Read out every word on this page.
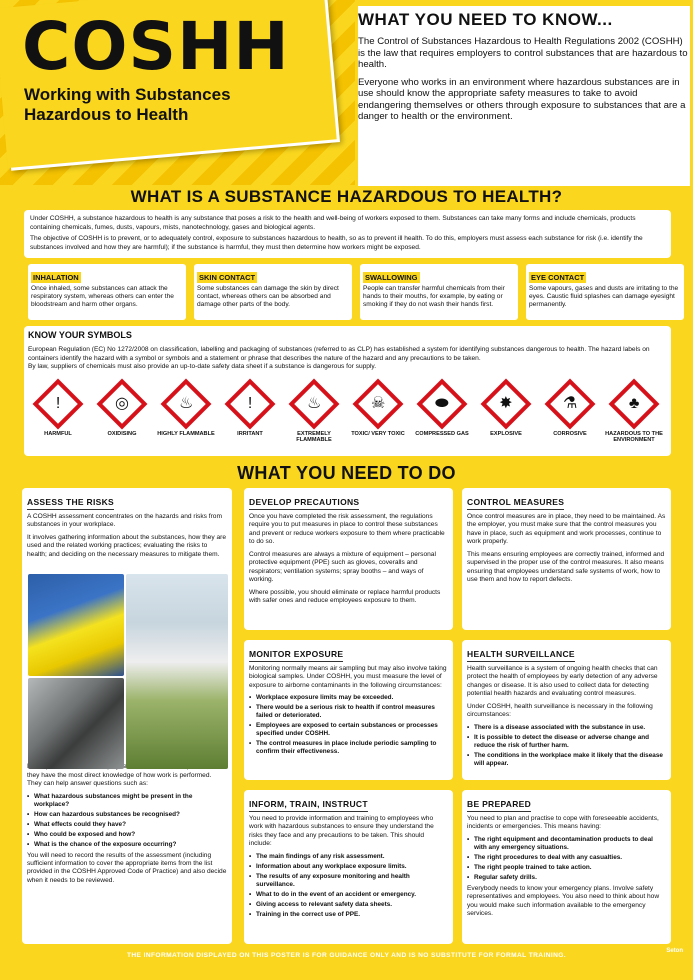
COSHH
Working with Substances
Hazardous to Health
WHAT YOU NEED TO KNOW...

The Control of Substances Hazardous to Health Regulations 2002 (COSHH) is the law that requires employers to control substances that are hazardous to health.

Everyone who works in an environment where hazardous substances are in use should know the appropriate safety measures to take to avoid endangering themselves or others through exposure to substances that are a danger to health or the environment.

WHAT IS A SUBSTANCE HAZARDOUS TO HEALTH?

Under COSHH, a substance hazardous to health is any substance that poses a risk to the health and well-being of workers exposed to them. Substances can take many forms and include chemicals, products containing chemicals, fumes, dusts, vapours, mists, nanotechnology, gases and biological agents.

The objective of COSHH is to prevent, or to adequately control, exposure to substances hazardous to health, so as to prevent ill health. To do this, employers must assess each substance for risk (i.e. identify the substances involved and how they are harmful); if the substance is harmful, they must then determine how workers might be exposed.

INHALATION
Once inhaled, some substances can attack the respiratory system, whereas others can enter the bloodstream and harm other organs.
SKIN CONTACT
Some substances can damage the skin by direct contact, whereas others can be absorbed and damage other parts of the body.
SWALLOWING
People can transfer harmful chemicals from their hands to their mouths, for example, by eating or smoking if they do not wash their hands first.
EYE CONTACT
Some vapours, gases and dusts are irritating to the eyes. Caustic fluid splashes can damage eyesight permanently.
KNOW YOUR SYMBOLS

European Regulation (EC) No 1272/2008 on classification, labelling and packaging of substances (referred to as CLP) has established a system for identifying substances dangerous to health. The hazard labels on containers identify the hazard with a symbol or symbols and a statement or phrase that describes the nature of the hazard and any precautions to be taken.

By law, suppliers of chemicals must also provide an up-to-date safety data sheet if a substance is dangerous for supply.

!
HARMFUL
◎
OXIDISING
♨
HIGHLY FLAMMABLE
!
IRRITANT
♨
EXTREMELY FLAMMABLE
☠
TOXIC/ VERY TOXIC
⬬
COMPRESSED GAS
✸
EXPLOSIVE
⚗
CORROSIVE
♣
HAZARDOUS TO THE ENVIRONMENT
WHAT YOU NEED TO DO
ASSESS THE RISKS

A COSHH assessment concentrates on the hazards and risks from substances in your workplace.

It involves gathering information about the substances, how they are used and the related working practices; evaluating the risks to health; and deciding on the necessary measures to mitigate them.

they have the most direct knowledge of how work is performed. They can help answer questions such as:

• What hazardous substances might be present in the workplace?
• How can hazardous substances be recognised?
• What effects could they have?
• Who could be exposed and how?
• What is the chance of the exposure occurring?

You will need to record the results of the assessment (including sufficient information to cover the appropriate items from the list provided in the COSHH Approved Code of Practice) and also decide when it needs to be reviewed.

DEVELOP PRECAUTIONS

Once you have completed the risk assessment, the regulations require you to put measures in place to control these substances and prevent or reduce workers exposure to them where practicable to do so.

Control measures are always a mixture of equipment – personal protective equipment (PPE) such as gloves, coveralls and respirators; ventilation systems; spray booths – and ways of working.

Where possible, you should eliminate or replace harmful products with safer ones and reduce employees exposure to them.

CONTROL MEASURES

Once control measures are in place, they need to be maintained. As the employer, you must make sure that the control measures you have in place, such as equipment and work processes, continue to work properly.

This means ensuring employees are correctly trained, informed and supervised in the proper use of the control measures. It also means ensuring that employees understand safe systems of work, how to use them and how to report defects.

MONITOR EXPOSURE

Monitoring normally means air sampling but may also involve taking biological samples. Under COSHH, you must measure the level of exposure to airborne contaminants in the following circumstances:

• Workplace exposure limits may be exceeded.
• There would be a serious risk to health if control measures failed or deteriorated.
• Employees are exposed to certain substances or processes specified under COSHH.
• The control measures in place include periodic sampling to confirm their effectiveness.
HEALTH SURVEILLANCE

Health surveillance is a system of ongoing health checks that can protect the health of employees by early detection of any adverse changes or disease. It is also used to collect data for detecting potential health hazards and evaluating control measures.

Under COSHH, health surveillance is necessary in the following circumstances:

• There is a disease associated with the substance in use.
• It is possible to detect the disease or adverse change and reduce the risk of further harm.
• The conditions in the workplace make it likely that the disease will appear.
INFORM, TRAIN, INSTRUCT

You need to provide information and training to employees who work with hazardous substances to ensure they understand the risks they face and any precautions to be taken. This should include:

• The main findings of any risk assessment.
• Information about any workplace exposure limits.
• The results of any exposure monitoring and health surveillance.
• What to do in the event of an accident or emergency.
• Giving access to relevant safety data sheets.
• Training in the correct use of PPE.
BE PREPARED

You need to plan and practise to cope with foreseeable accidents, incidents or emergencies. This means having:

• The right equipment and decontamination products to deal with any emergency situations.
• The right procedures to deal with any casualties.
• The right people trained to take action.
• Regular safety drills.

Everybody needs to know your emergency plans. Involve safety representatives and employees. You also need to think about how you would make such information available to the emergency services.

THE INFORMATION DISPLAYED ON THIS POSTER IS FOR GUIDANCE ONLY AND IS NO SUBSTITUTE FOR FORMAL TRAINING.
Seton
